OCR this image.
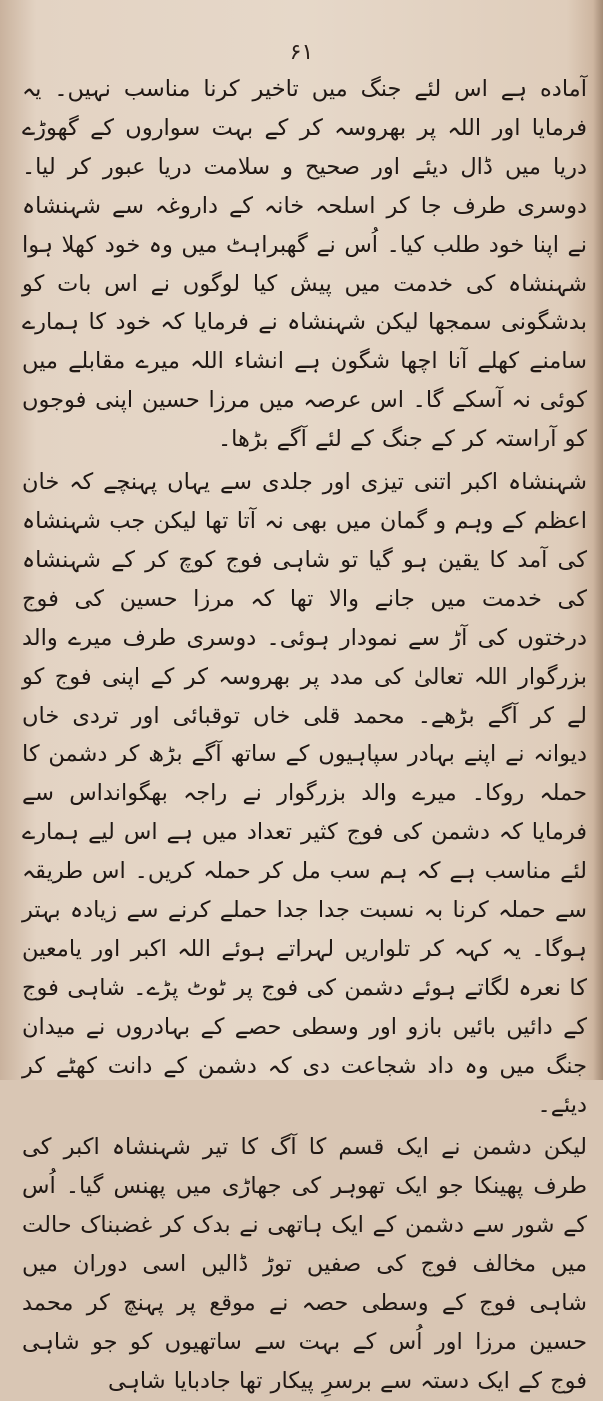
۶۱
آماده ہے اس لئے جنگ میں تاخیر کرنا مناسب نہیں۔ یہ فرمایا اور اللہ پر بھروسہ کر کے بہت سواروں کے گھوڑے دریا میں ڈال دیئے اور صحیح و سلامت دریا عبور کر لیا۔ دوسری طرف جا کر اسلحہ خانہ کے داروغہ سے شہنشاہ نے اپنا خود طلب کیا۔ اُس نے گھبراہٹ میں وہ خود کھلا ہوا شہنشاہ کی خدمت میں پیش کیا لوگوں نے اس بات کو بدشگونی سمجھا لیکن شہنشاہ نے فرمایا کہ خود کا ہمارے سامنے کھلے آنا اچھا شگون ہے انشاء اللہ میرے مقابلے میں کوئی نہ آسکے گا۔ اس عرصہ میں مرزا حسین اپنی فوجوں کو آراستہ کر کے جنگ کے لئے آگے بڑھا۔
شہنشاہ اکبر اتنی تیزی اور جلدی سے یہاں پہنچے کہ خان اعظم کے وہم و گمان میں بھی نہ آتا تھا لیکن جب شہنشاہ کی آمد کا یقین ہو گیا تو شاہی فوج کوچ کر کے شہنشاہ کی خدمت میں جانے والا تھا کہ مرزا حسین کی فوج درختوں کی آڑ سے نمودار ہوئی۔ دوسری طرف میرے والد بزرگوار اللہ تعالیٰ کی مدد پر بھروسہ کر کے اپنی فوج کو لے کر آگے بڑھے۔ محمد قلی خاں توقبائی اور تردی خاں دیوانہ نے اپنے بہادر سپاہیوں کے ساتھ آگے بڑھ کر دشمن کا حملہ روکا۔ میرے والد بزرگوار نے راجہ بھگوانداس سے فرمایا کہ دشمن کی فوج کثیر تعداد میں ہے اس لیے ہمارے لئے مناسب ہے کہ ہم سب مل کر حملہ کریں۔ اس طریقہ سے حملہ کرنا بہ نسبت جدا جدا حملے کرنے سے زیادہ بہتر ہوگا۔ یہ کہہ کر تلواریں لہراتے ہوئے اللہ اکبر اور یامعین کا نعرہ لگاتے ہوئے دشمن کی فوج پر ٹوٹ پڑے۔ شاہی فوج کے دائیں بائیں بازو اور وسطی حصے کے بہادروں نے میدان جنگ میں وہ داد شجاعت دی کہ دشمن کے دانت کھٹے کر دیئے۔
لیکن دشمن نے ایک قسم کا آگ کا تیر شہنشاہ اکبر کی طرف پھینکا جو ایک تھوہر کی جھاڑی میں پھنس گیا۔ اُس کے شور سے دشمن کے ایک ہاتھی نے بدک کر غضبناک حالت میں مخالف فوج کی صفیں توڑ ڈالیں اسی دوران میں شاہی فوج کے وسطی حصہ نے موقع پر پہنچ کر محمد حسین مرزا اور اُس کے بہت سے ساتھیوں کو جو شاہی فوج کے ایک دستہ سے برسرِ پیکار تھا جادبایا شاہی
